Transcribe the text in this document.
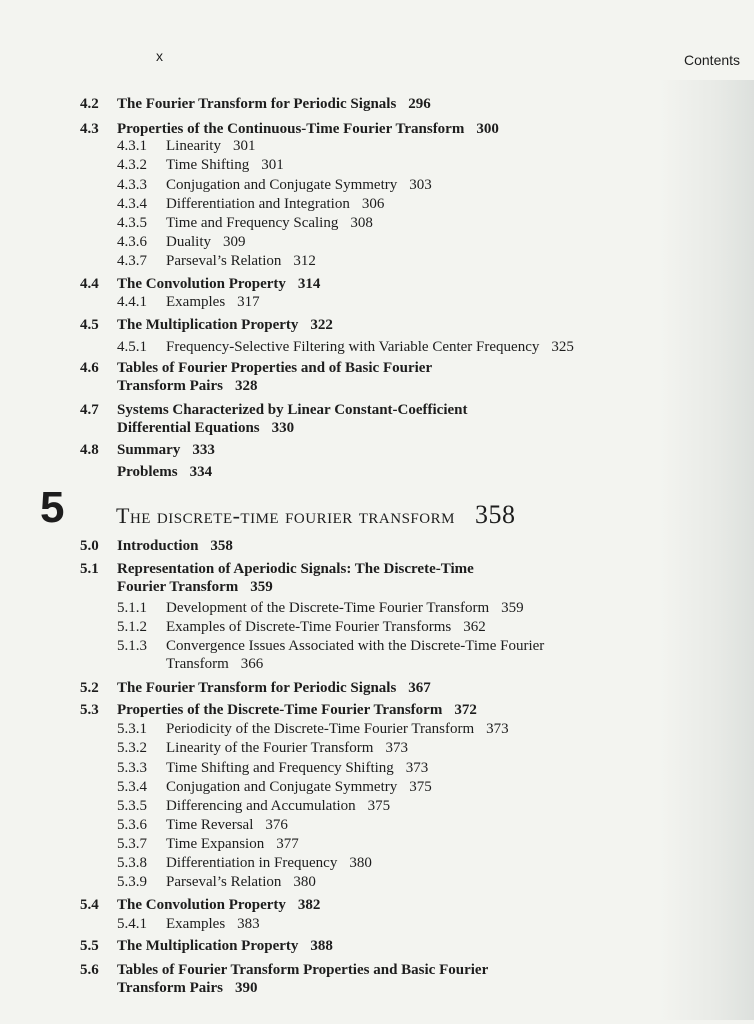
x	Contents
4.2 The Fourier Transform for Periodic Signals 296
4.3 Properties of the Continuous-Time Fourier Transform 300
4.3.1 Linearity 301
4.3.2 Time Shifting 301
4.3.3 Conjugation and Conjugate Symmetry 303
4.3.4 Differentiation and Integration 306
4.3.5 Time and Frequency Scaling 308
4.3.6 Duality 309
4.3.7 Parseval’s Relation 312
4.4 The Convolution Property 314
4.4.1 Examples 317
4.5 The Multiplication Property 322
4.5.1 Frequency-Selective Filtering with Variable Center Frequency 325
4.6 Tables of Fourier Properties and of Basic Fourier
Transform Pairs 328
4.7 Systems Characterized by Linear Constant-Coefficient
Differential Equations 330
4.8 Summary 333
Problems 334
5 The discrete-time fourier transform 358
5.0 Introduction 358
5.1 Representation of Aperiodic Signals: The Discrete-Time
Fourier Transform 359
5.1.1 Development of the Discrete-Time Fourier Transform 359
5.1.2 Examples of Discrete-Time Fourier Transforms 362
5.1.3 Convergence Issues Associated with the Discrete-Time Fourier
Transform 366
5.2 The Fourier Transform for Periodic Signals 367
5.3 Properties of the Discrete-Time Fourier Transform 372
5.3.1 Periodicity of the Discrete-Time Fourier Transform 373
5.3.2 Linearity of the Fourier Transform 373
5.3.3 Time Shifting and Frequency Shifting 373
5.3.4 Conjugation and Conjugate Symmetry 375
5.3.5 Differencing and Accumulation 375
5.3.6 Time Reversal 376
5.3.7 Time Expansion 377
5.3.8 Differentiation in Frequency 380
5.3.9 Parseval’s Relation 380
5.4 The Convolution Property 382
5.4.1 Examples 383
5.5 The Multiplication Property 388
5.6 Tables of Fourier Transform Properties and Basic Fourier
Transform Pairs 390
